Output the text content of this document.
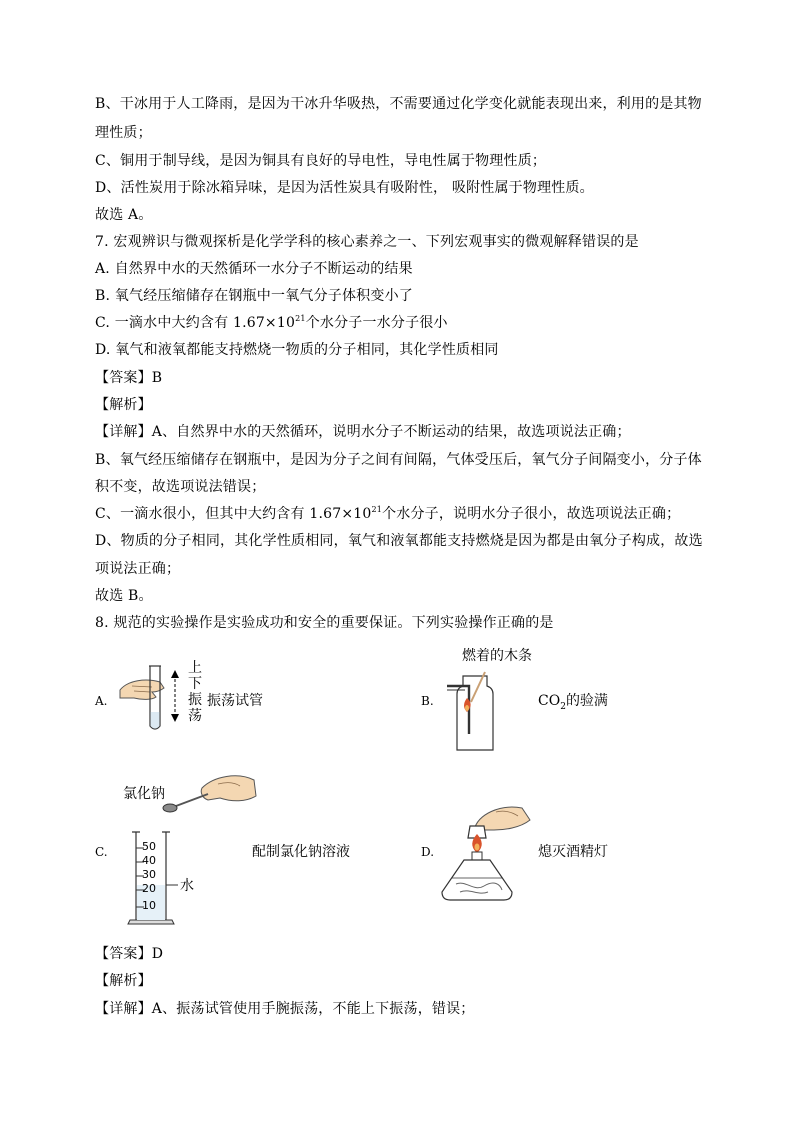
B、干冰用于人工降雨，是因为干冰升华吸热，不需要通过化学变化就能表现出来，利用的是其物
理性质；
C、铜用于制导线，是因为铜具有良好的导电性，导电性属于物理性质；
D、活性炭用于除冰箱异味，是因为活性炭具有吸附性， 吸附性属于物理性质。
故选 A。
7. 宏观辨识与微观探析是化学学科的核心素养之一、下列宏观事实的微观解释错误的是
A. 自然界中水的天然循环一水分子不断运动的结果
B. 氧气经压缩储存在钢瓶中一氧气分子体积变小了
C. 一滴水中大约含有 $1.67\times 10^{21}$个水分子一水分子很小
D. 氧气和液氧都能支持燃烧一物质的分子相同，其化学性质相同
【答案】B
【解析】
【详解】A、自然界中水的天然循环，说明水分子不断运动的结果，故选项说法正确；
B、氧气经压缩储存在钢瓶中，是因为分子之间有间隔，气体受压后，氧气分子间隔变小，分子体
积不变，故选项说法错误；
C、一滴水很小，但其中大约含有 $1.67\times 10^{21}$个水分子，说明水分子很小，故选项说法正确；
D、物质的分子相同，其化学性质相同，氧气和液氧都能支持燃烧是因为都是由氧分子构成，故选
项说法正确；
故选 B。
8. 规范的实验操作是实验成功和安全的重要保证。下列实验操作正确的是
A.
上
下
振
荡
振荡试管	B.
燃着的木条
$CO_2$的验满
C.
氯化钠
50
40
30
20
10
水
配制氯化钠溶液	D.	熄灭酒精灯
【答案】D
【解析】
【详解】A、振荡试管使用手腕振荡，不能上下振荡，错误；
